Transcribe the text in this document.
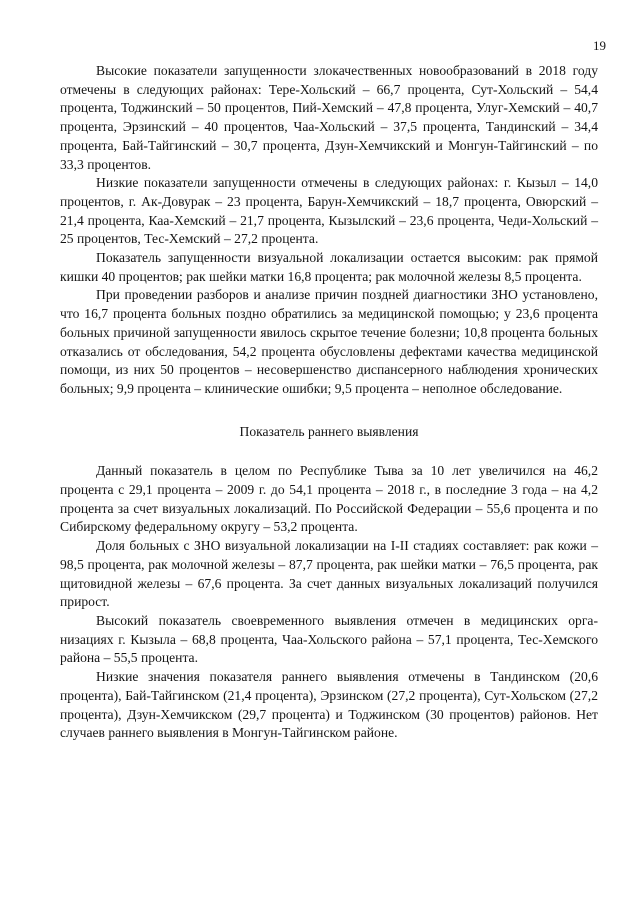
19

Высокие показатели запущенности злокачественных новообразований в 2018 году отмечены в следующих районах: Тере-Хольский – 66,7 процента, Сут-Хольский – 54,4 процента, Тоджинский – 50 процентов, Пий-Хемский – 47,8 процента, Улуг-Хемский – 40,7 процента, Эрзинский – 40 процентов, Чаа-Хольский – 37,5 процента, Тандинский – 34,4 процента, Бай-Тайгинский – 30,7 процента, Дзун-Хемчикский и Монгун-Тайгинский – по 33,3 процентов.

Низкие показатели запущенности отмечены в следующих районах: г. Кызыл – 14,0 процентов, г. Ак-Довурак – 23 процента, Барун-Хемчикский – 18,7 процента, Овюрский – 21,4 процента, Каа-Хемский – 21,7 процента, Кызылский – 23,6 процента, Чеди-Хольский – 25 процентов, Тес-Хемский – 27,2 процента.

Показатель запущенности визуальной локализации остается высоким: рак прямой кишки 40 процентов; рак шейки матки 16,8 процента; рак молочной железы 8,5 процента.

При проведении разборов и анализе причин поздней диагностики ЗНО установлено, что 16,7 процента больных поздно обратились за медицинской помощью; у 23,6 процента больных причиной запущенности явилось скрытое течение болезни; 10,8 процента больных отказались от обследования, 54,2 процента обусловлены дефектами качества медицинской помощи, из них 50 процентов – несовершенство диспансерного наблюдения хронических больных; 9,9 процента – клинические ошибки; 9,5 процента – неполное обследование.

Показатель раннего выявления

Данный показатель в целом по Республике Тыва за 10 лет увеличился на 46,2 процента с 29,1 процента – 2009 г. до 54,1 процента – 2018 г., в последние 3 года – на 4,2 процента за счет визуальных локализаций. По Российской Федерации – 55,6 процента и по Сибирскому федеральному округу – 53,2 процента.

Доля больных с ЗНО визуальной локализации на I-II стадиях составляет: рак кожи – 98,5 процента, рак молочной железы – 87,7 процента, рак шейки матки – 76,5 процента, рак щитовидной железы – 67,6 процента. За счет данных визуальных локализаций получился прирост.

Высокий показатель своевременного выявления отмечен в медицинских организациях г. Кызыла – 68,8 процента, Чаа-Хольского района – 57,1 процента, Тес-Хемского района – 55,5 процента.

Низкие значения показателя раннего выявления отмечены в Тандинском (20,6 процента), Бай-Тайгинском (21,4 процента), Эрзинском (27,2 процента), Сут-Хольском (27,2 процента), Дзун-Хемчикском (29,7 процента) и Тоджинском (30 процентов) районов. Нет случаев раннего выявления в Монгун-Тайгинском районе.
